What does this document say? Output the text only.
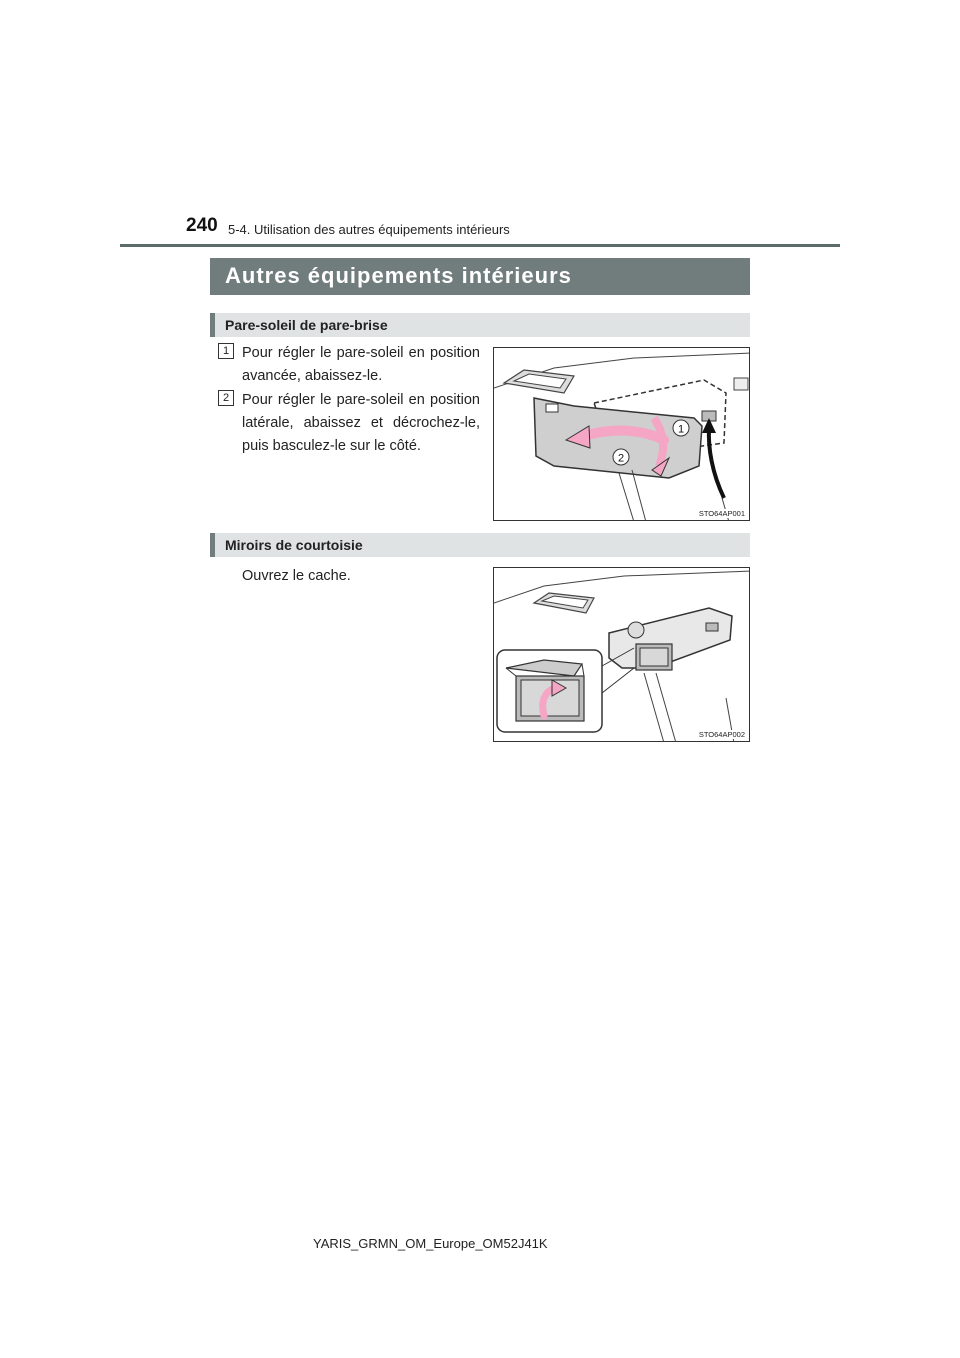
240 5-4. Utilisation des autres équipements intérieurs
Autres équipements intérieurs
Pare-soleil de pare-brise
1 Pour régler le pare-soleil en position avancée, abaissez-le.
2 Pour régler le pare-soleil en position latérale, abaissez et décrochez-le, puis basculez-le sur le côté.
1
2
STO64AP001
Miroirs de courtoisie
Ouvrez le cache.
STO64AP002
YARIS_GRMN_OM_Europe_OM52J41K
